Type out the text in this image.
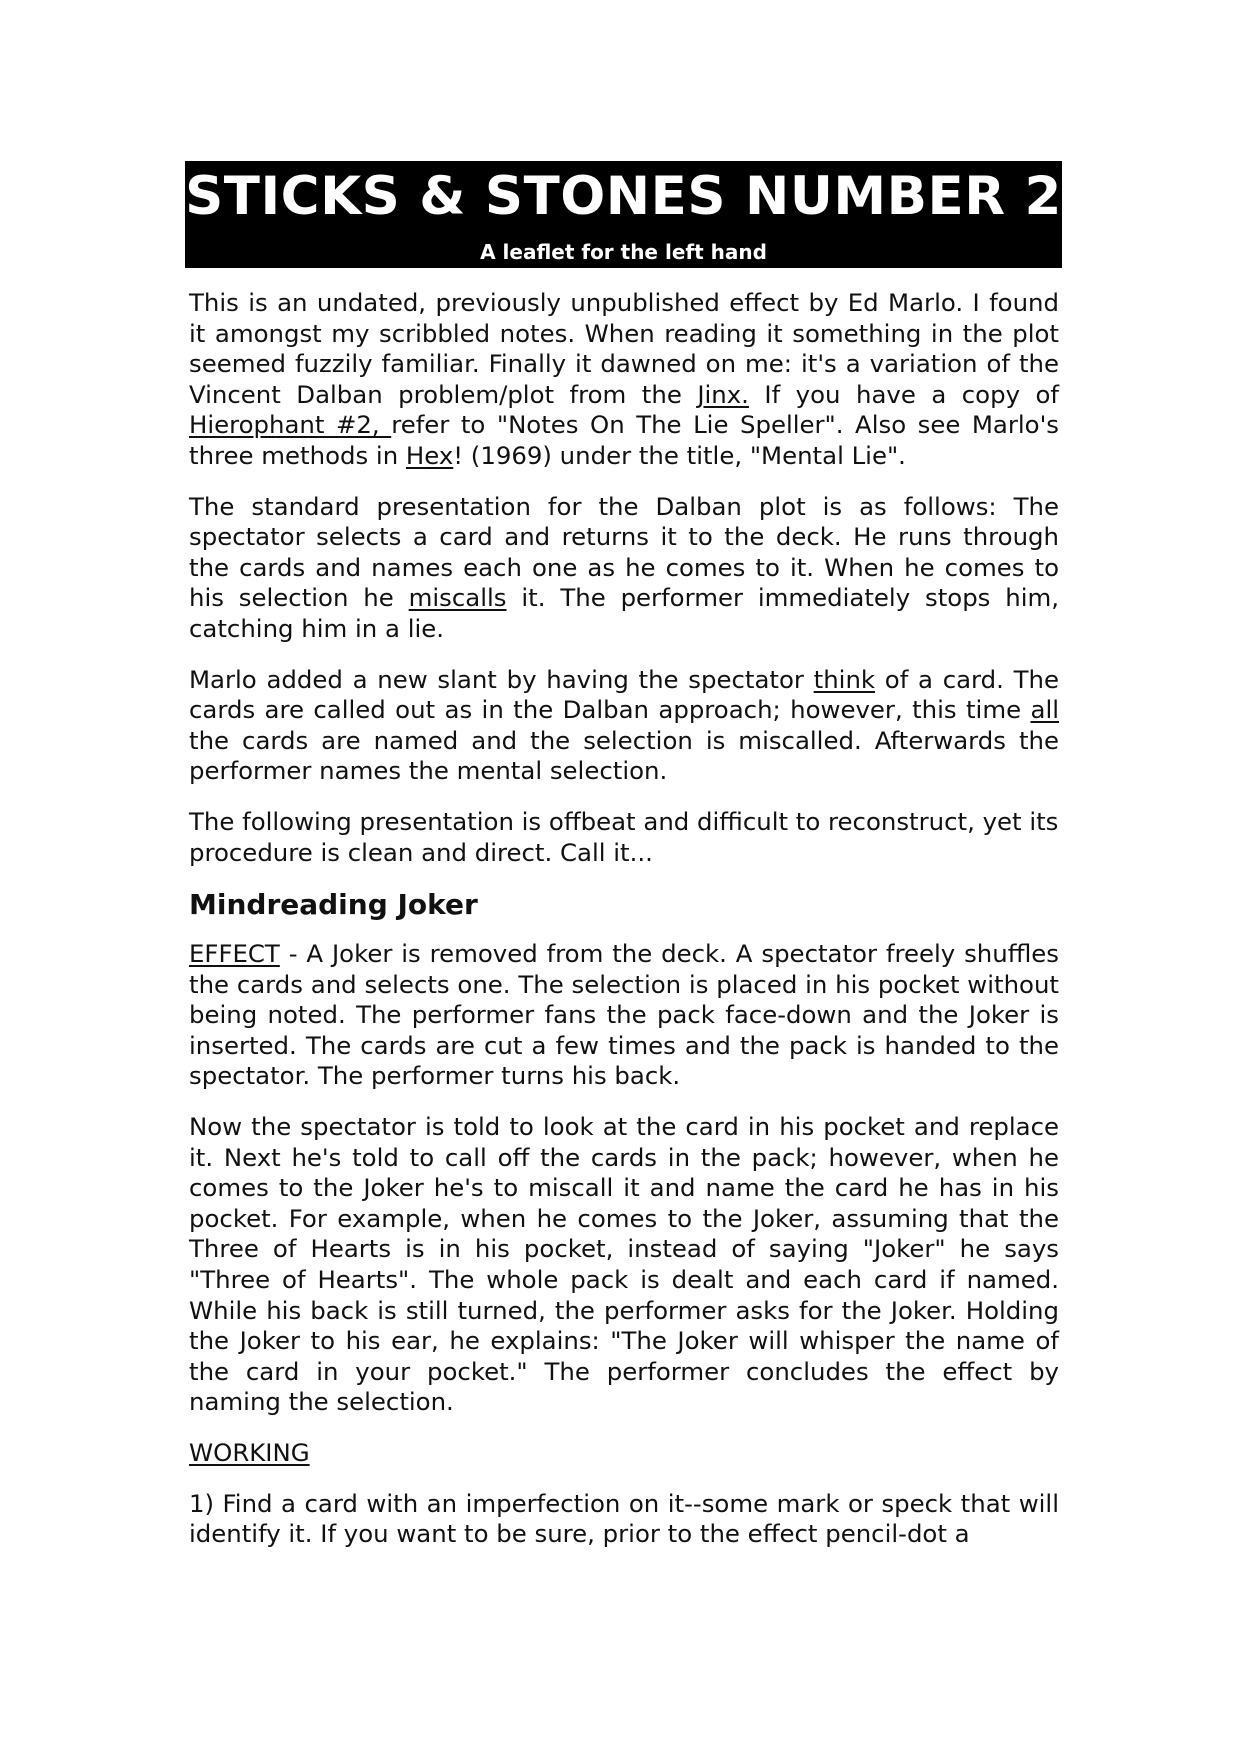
STICKS & STONES NUMBER 2
A leaflet for the left hand

This is an undated, previously unpublished effect by Ed Marlo. I found it amongst my scribbled notes. When reading it something in the plot seemed fuzzily familiar. Finally it dawned on me: it's a variation of the Vincent Dalban problem/plot from the Jinx. If you have a copy of Hierophant #2, refer to "Notes On The Lie Speller". Also see Marlo's three methods in Hex! (1969) under the title, "Mental Lie".

The standard presentation for the Dalban plot is as follows: The spectator selects a card and returns it to the deck. He runs through the cards and names each one as he comes to it. When he comes to his selection he miscalls it. The performer immediately stops him, catching him in a lie.

Marlo added a new slant by having the spectator think of a card. The cards are called out as in the Dalban approach; however, this time all the cards are named and the selection is miscalled. Afterwards the performer names the mental selection.

The following presentation is offbeat and difficult to reconstruct, yet its procedure is clean and direct. Call it...

Mindreading Joker

EFFECT - A Joker is removed from the deck. A spectator freely shuffles the cards and selects one. The selection is placed in his pocket without being noted. The performer fans the pack face-down and the Joker is inserted. The cards are cut a few times and the pack is handed to the spectator. The performer turns his back.

Now the spectator is told to look at the card in his pocket and replace it. Next he's told to call off the cards in the pack; however, when he comes to the Joker he's to miscall it and name the card he has in his pocket. For example, when he comes to the Joker, assuming that the Three of Hearts is in his pocket, instead of saying "Joker" he says "Three of Hearts". The whole pack is dealt and each card if named. While his back is still turned, the performer asks for the Joker. Holding the Joker to his ear, he explains: "The Joker will whisper the name of the card in your pocket." The performer concludes the effect by naming the selection.

WORKING

1) Find a card with an imperfection on it--some mark or speck that will identify it. If you want to be sure, prior to the effect pencil-dot a
